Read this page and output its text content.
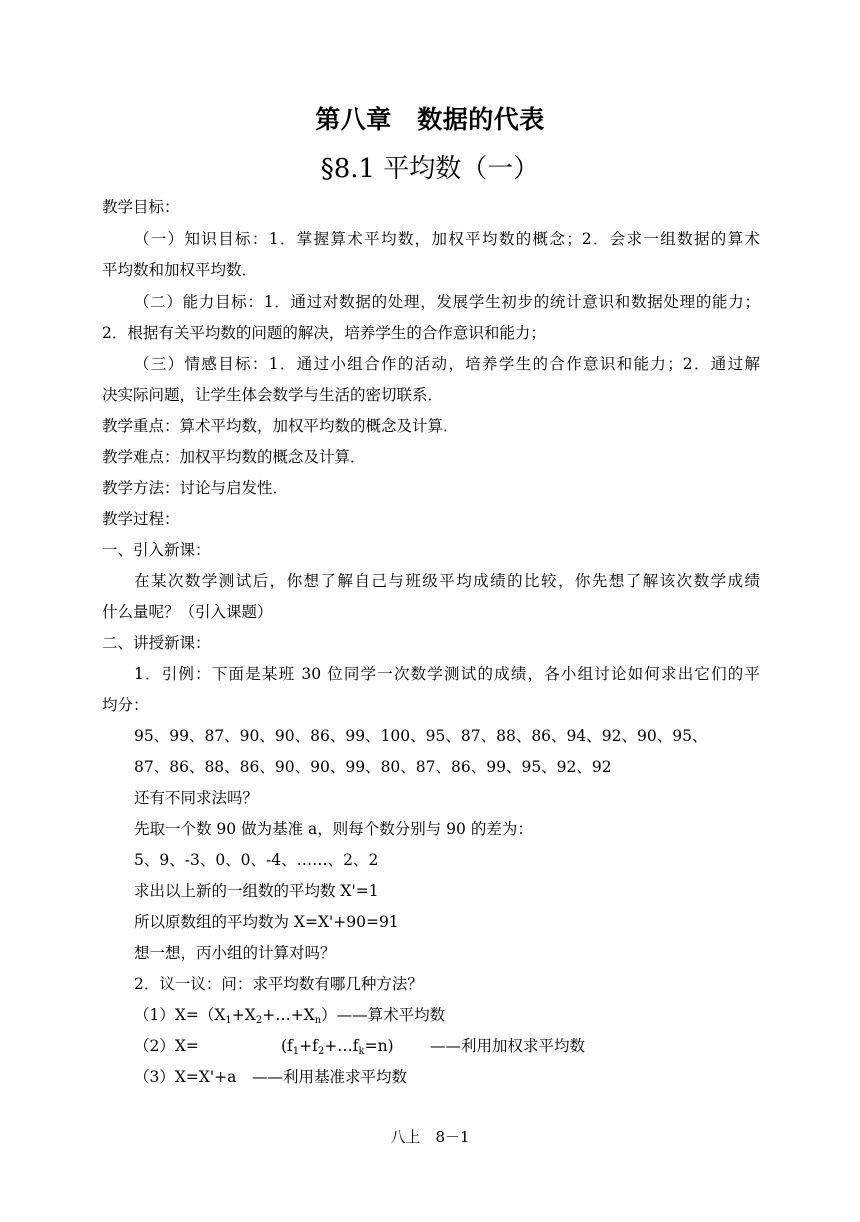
第八章　数据的代表
§8.1 平均数（一）
教学目标：
（一）知识目标：1．掌握算术平均数，加权平均数的概念；2．会求一组数据的算术
平均数和加权平均数．
（二）能力目标：1．通过对数据的处理，发展学生初步的统计意识和数据处理的能力；
2．根据有关平均数的问题的解决，培养学生的合作意识和能力；
（三）情感目标：1．通过小组合作的活动，培养学生的合作意识和能力；2．通过解
决实际问题，让学生体会数学与生活的密切联系．
教学重点：算术平均数，加权平均数的概念及计算．
教学难点：加权平均数的概念及计算．
教学方法：讨论与启发性．
教学过程：
一、引入新课：
在某次数学测试后，你想了解自己与班级平均成绩的比较，你先想了解该次数学成绩
什么量呢？（引入课题）
二、讲授新课：
1．引例：下面是某班 30 位同学一次数学测试的成绩，各小组讨论如何求出它们的平
均分：
95、99、87、90、90、86、99、100、95、87、88、86、94、92、90、95、
87、86、88、86、90、90、99、80、87、86、99、95、92、92
还有不同求法吗？
先取一个数 90 做为基准 a，则每个数分别与 90 的差为：
5、9、-3、0、0、-4、……、2、2
求出以上新的一组数的平均数 X'=1
所以原数组的平均数为 X=X'+90=91
想一想，丙小组的计算对吗？
2．议一议：问：求平均数有哪几种方法？
$(1)X=(X_1+X_2+\dots+X_n)——$算术平均数
（2）X=	$(f_1+f_2+\dots f_k=n)$ ——利用加权求平均数
（3）X=X'+a ——利用基准求平均数
八上　8－1
